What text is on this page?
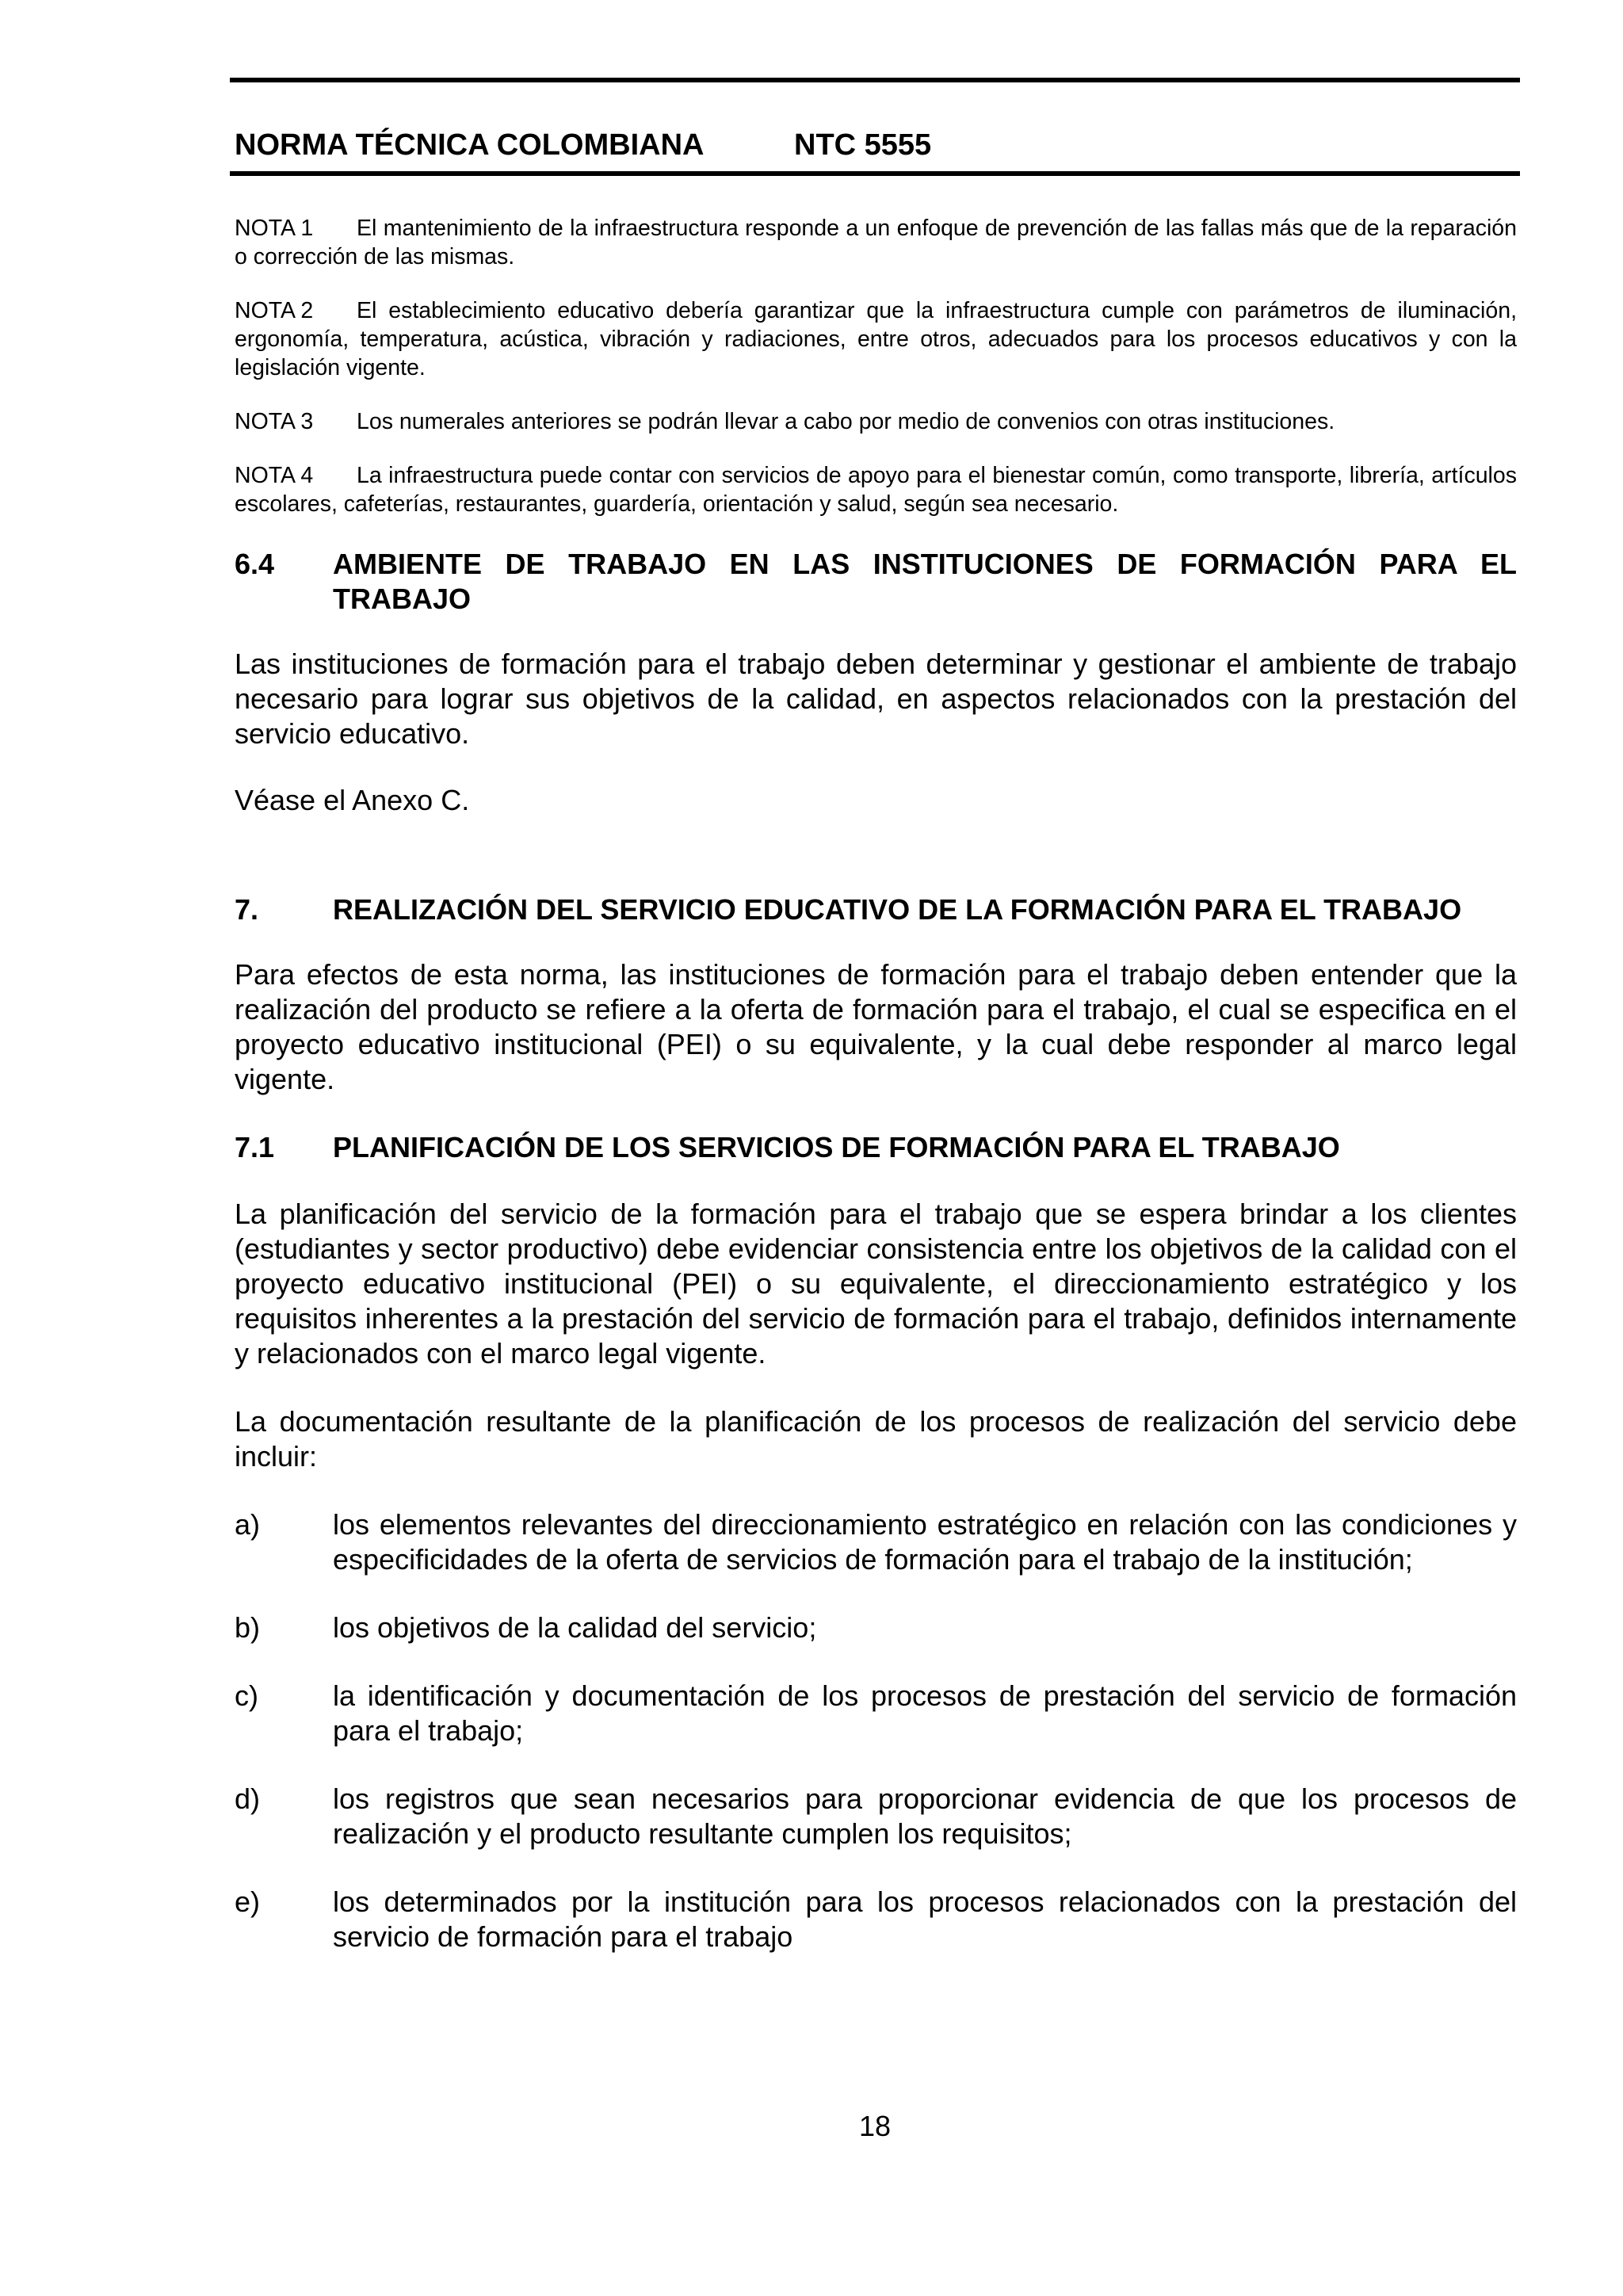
NORMA TÉCNICA COLOMBIANA	NTC 5555

NOTA 1 El mantenimiento de la infraestructura responde a un enfoque de prevención de las fallas más que de la reparación o corrección de las mismas.

NOTA 2 El establecimiento educativo debería garantizar que la infraestructura cumple con parámetros de iluminación, ergonomía, temperatura, acústica, vibración y radiaciones, entre otros, adecuados para los procesos educativos y con la legislación vigente.

NOTA 3 Los numerales anteriores se podrán llevar a cabo por medio de convenios con otras instituciones.

NOTA 4 La infraestructura puede contar con servicios de apoyo para el bienestar común, como transporte, librería, artículos escolares, cafeterías, restaurantes, guardería, orientación y salud, según sea necesario.

6.4	AMBIENTE DE TRABAJO EN LAS INSTITUCIONES DE FORMACIÓN PARA EL TRABAJO

Las instituciones de formación para el trabajo deben determinar y gestionar el ambiente de trabajo necesario para lograr sus objetivos de la calidad, en aspectos relacionados con la prestación del servicio educativo.

Véase el Anexo C.

7.	REALIZACIÓN DEL SERVICIO EDUCATIVO DE LA FORMACIÓN PARA EL TRABAJO

Para efectos de esta norma, las instituciones de formación para el trabajo deben entender que la realización del producto se refiere a la oferta de formación para el trabajo, el cual se especifica en el proyecto educativo institucional (PEI) o su equivalente, y la cual debe responder al marco legal vigente.

7.1	PLANIFICACIÓN DE LOS SERVICIOS DE FORMACIÓN PARA EL TRABAJO

La planificación del servicio de la formación para el trabajo que se espera brindar a los clientes (estudiantes y sector productivo) debe evidenciar consistencia entre los objetivos de la calidad con el proyecto educativo institucional (PEI) o su equivalente, el direccionamiento estratégico y los requisitos inherentes a la prestación del servicio de formación para el trabajo, definidos internamente y relacionados con el marco legal vigente.

La documentación resultante de la planificación de los procesos de realización del servicio debe incluir:

a)	los elementos relevantes del direccionamiento estratégico en relación con las condiciones y especificidades de la oferta de servicios de formación para el trabajo de la institución;
b)	los objetivos de la calidad del servicio;
c)	la identificación y documentación de los procesos de prestación del servicio de formación para el trabajo;
d)	los registros que sean necesarios para proporcionar evidencia de que los procesos de realización y el producto resultante cumplen los requisitos;
e)	los determinados por la institución para los procesos relacionados con la prestación del servicio de formación para el trabajo
18
